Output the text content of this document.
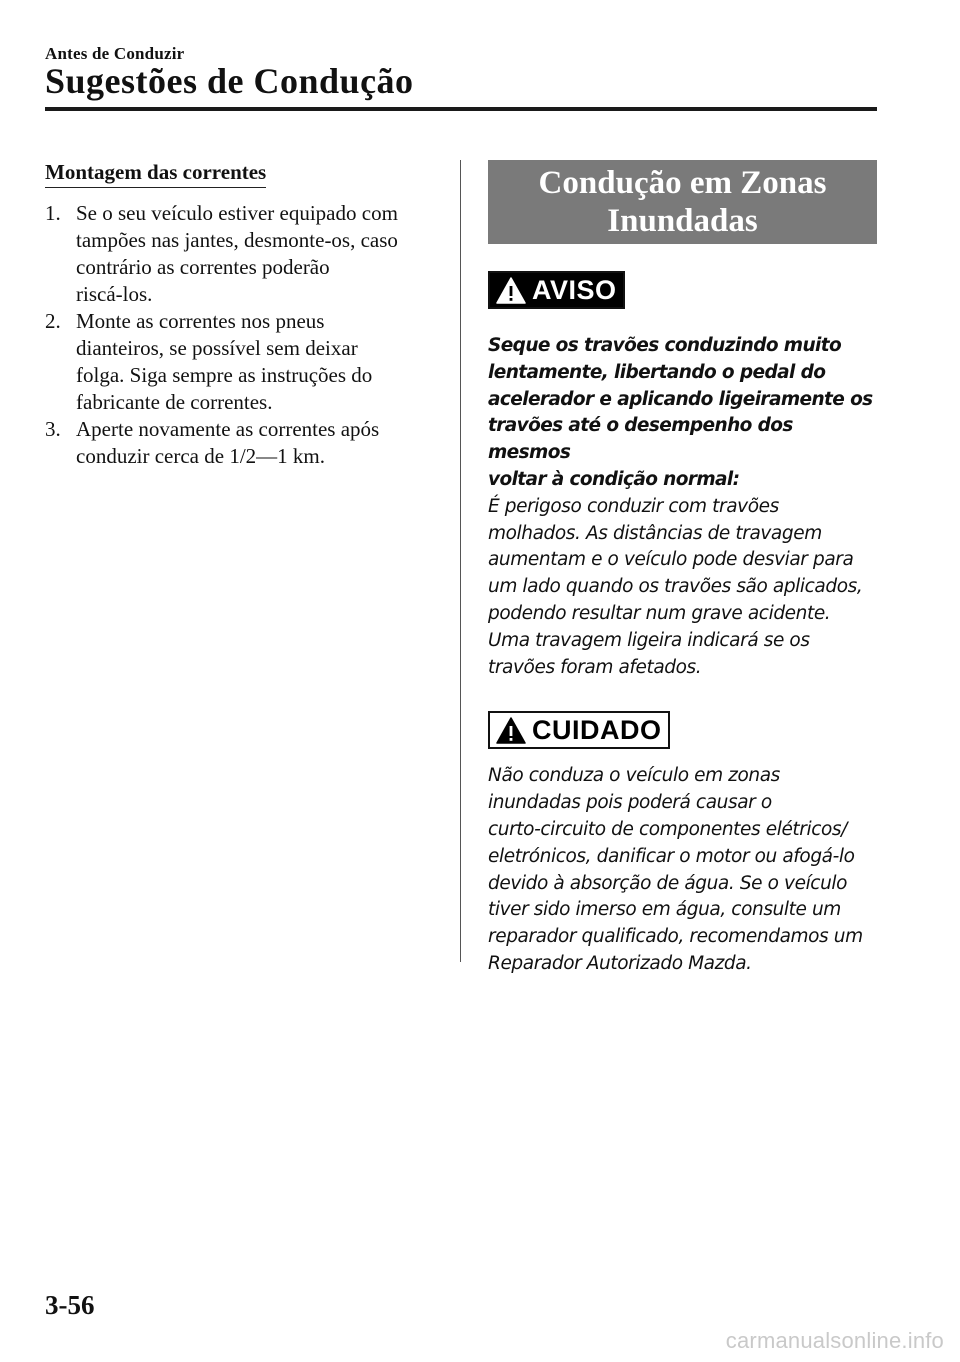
Antes de Conduzir
Sugestões de Condução
Montagem das correntes
1. Se o seu veículo estiver equipado com
tampões nas jantes, desmonte-os, caso
contrário as correntes poderão
riscá-los.
2. Monte as correntes nos pneus
dianteiros, se possível sem deixar
folga. Siga sempre as instruções do
fabricante de correntes.
3. Aperte novamente as correntes após
conduzir cerca de 1/2―1 km.
Condução em Zonas
Inundadas
AVISO

Seque os travões conduzindo muito

lentamente, libertando o pedal do

acelerador e aplicando ligeiramente os

travões até o desempenho dos mesmos

voltar à condição normal:

É perigoso conduzir com travões

molhados. As distâncias de travagem

aumentam e o veículo pode desviar para

um lado quando os travões são aplicados,

podendo resultar num grave acidente.

Uma travagem ligeira indicará se os

travões foram afetados.

CUIDADO

Não conduza o veículo em zonas

inundadas pois poderá causar o

curto-circuito de componentes elétricos/

eletrónicos, danificar o motor ou afogá-lo

devido à absorção de água. Se o veículo

tiver sido imerso em água, consulte um

reparador qualificado, recomendamos um

Reparador Autorizado Mazda.

3-56
carmanualsonline.info
